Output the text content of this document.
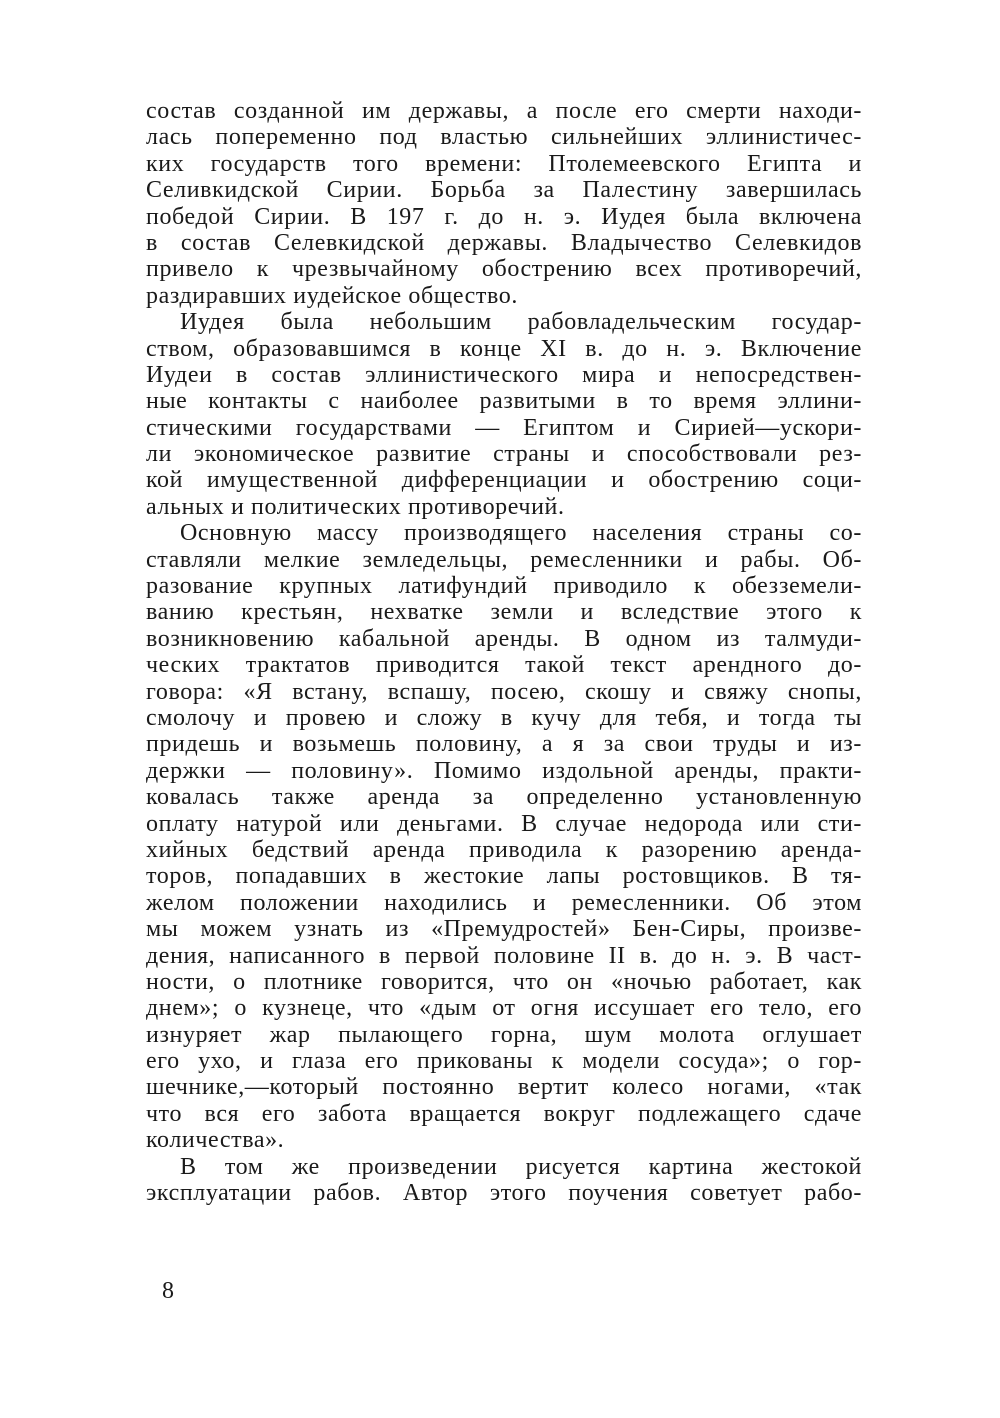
состав созданной им державы, а после его смерти находи-
лась попеременно под властью сильнейших эллинистичес-
ких государств того времени: Птолемеевского Египта и
Селивкидской Сирии. Борьба за Палестину завершилась
победой Сирии. В 197 г. до н. э. Иудея была включена
в состав Селевкидской державы. Владычество Селевкидов
привело к чрезвычайному обострению всех противоречий,
раздиравших иудейское общество.
Иудея была небольшим рабовладельческим государ-
ством, образовавшимся в конце XI в. до н. э. Включение
Иудеи в состав эллинистического мира и непосредствен-
ные контакты с наиболее развитыми в то время эллини-
стическими государствами — Египтом и Сирией—ускори-
ли экономическое развитие страны и способствовали рез-
кой имущественной дифференциации и обострению соци-
альных и политических противоречий.
Основную массу производящего населения страны со-
ставляли мелкие земледельцы, ремесленники и рабы. Об-
разование крупных латифундий приводило к обезземели-
ванию крестьян, нехватке земли и вследствие этого к
возникновению кабальной аренды. В одном из талмуди-
ческих трактатов приводится такой текст арендного до-
говора: «Я встану, вспашу, посею, скошу и свяжу снопы,
смолочу и провею и сложу в кучу для тебя, и тогда ты
придешь и возьмешь половину, а я за свои труды и из-
держки — половину». Помимо издольной аренды, практи-
ковалась также аренда за определенно установленную
оплату натурой или деньгами. В случае недорода или сти-
хийных бедствий аренда приводила к разорению аренда-
торов, попадавших в жестокие лапы ростовщиков. В тя-
желом положении находились и ремесленники. Об этом
мы можем узнать из «Премудростей» Бен-Сиры, произве-
дения, написанного в первой половине II в. до н. э. В част-
ности, о плотнике говорится, что он «ночью работает, как
днем»; о кузнеце, что «дым от огня иссушает его тело, его
изнуряет жар пылающего горна, шум молота оглушает
его ухо, и глаза его прикованы к модели сосуда»; о гор-
шечнике,—который постоянно вертит колесо ногами, «так
что вся его забота вращается вокруг подлежащего сдаче
количества».
В том же произведении рисуется картина жестокой
эксплуатации рабов. Автор этого поучения советует рабо-
8
